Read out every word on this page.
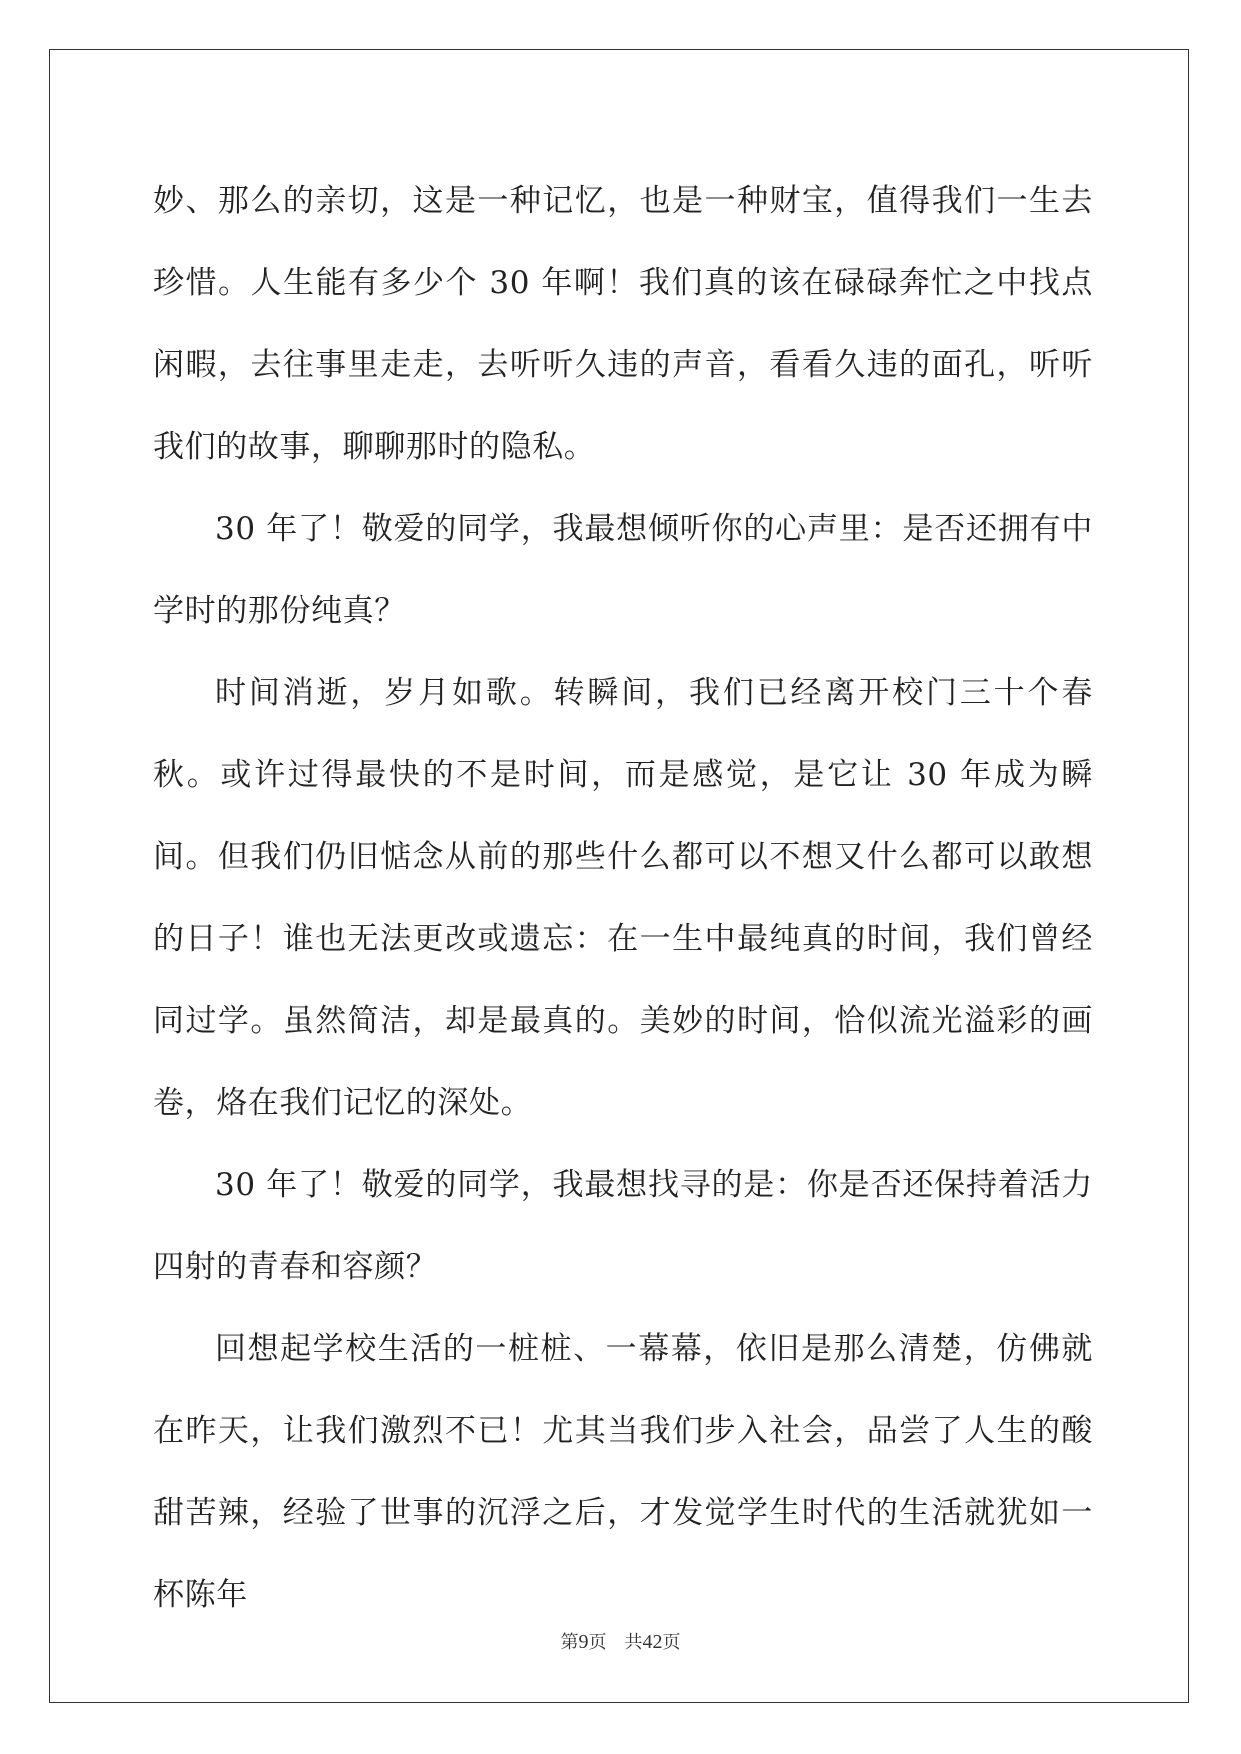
妙、那么的亲切，这是一种记忆，也是一种财宝，值得我们一生去珍惜。人生能有多少个 30 年啊！我们真的该在碌碌奔忙之中找点闲暇，去往事里走走，去听听久违的声音，看看久违的面孔，听听我们的故事，聊聊那时的隐私。

30 年了！敬爱的同学，我最想倾听你的心声里：是否还拥有中学时的那份纯真？

时间消逝，岁月如歌。转瞬间，我们已经离开校门三十个春秋。或许过得最快的不是时间，而是感觉，是它让 30 年成为瞬间。但我们仍旧惦念从前的那些什么都可以不想又什么都可以敢想的日子！谁也无法更改或遗忘：在一生中最纯真的时间，我们曾经同过学。虽然简洁，却是最真的。美妙的时间，恰似流光溢彩的画卷，烙在我们记忆的深处。

30 年了！敬爱的同学，我最想找寻的是：你是否还保持着活力四射的青春和容颜？

回想起学校生活的一桩桩、一幕幕，依旧是那么清楚，仿佛就在昨天，让我们激烈不已！尤其当我们步入社会，品尝了人生的酸甜苦辣，经验了世事的沉浮之后，才发觉学生时代的生活就犹如一杯陈年

第9页 共42页
